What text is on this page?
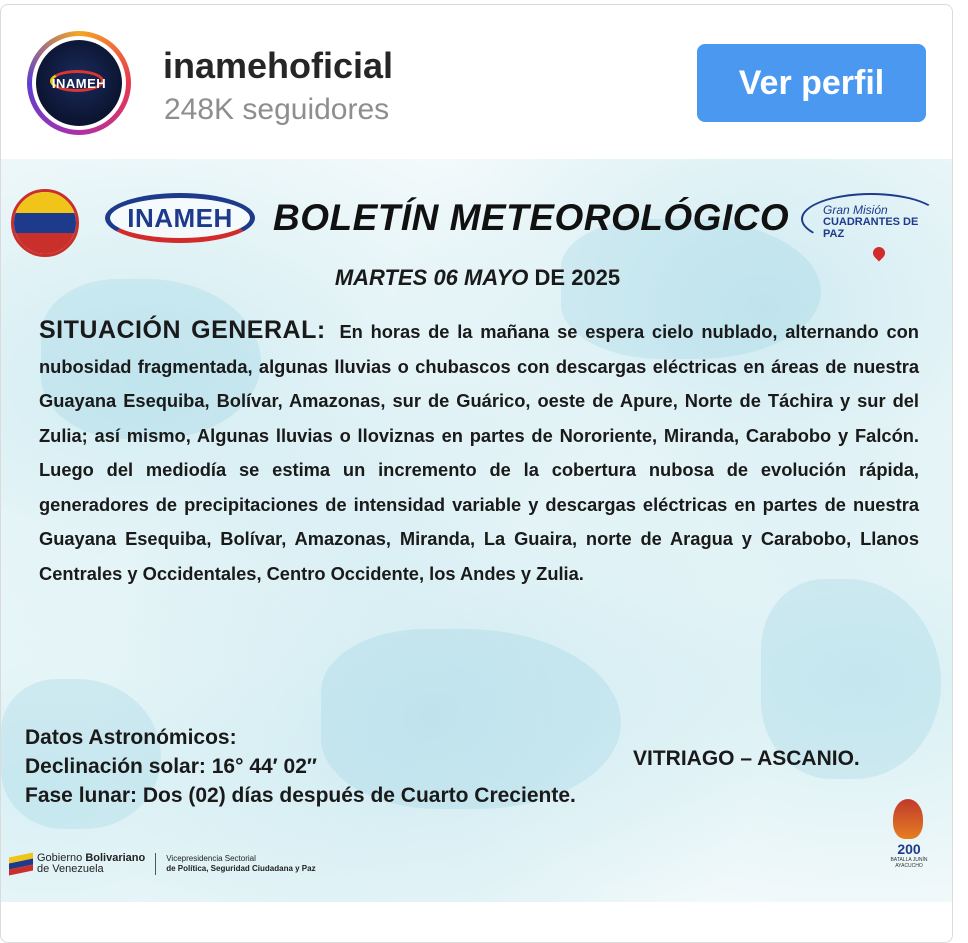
INAMEH inamehoficial
248K seguidores
Ver perfil
INAMEH BOLETÍN METEOROLÓGICO	Gran Misión
CUADRANTES DE PAZ
MARTES 06 MAYO DE 2025
SITUACIÓN GENERAL: En horas de la mañana se espera cielo nublado, alternando con nubosidad fragmentada, algunas lluvias o chubascos con descargas eléctricas en áreas de nuestra Guayana Esequiba, Bolívar, Amazonas, sur de Guárico, oeste de Apure, Norte de Táchira y sur del Zulia; así mismo, Algunas lluvias o lloviznas en partes de Nororiente, Miranda, Carabobo y Falcón. Luego del mediodía se estima un incremento de la cobertura nubosa de evolución rápida, generadores de precipitaciones de intensidad variable y descargas eléctricas en partes de nuestra Guayana Esequiba, Bolívar, Amazonas, Miranda, La Guaira, norte de Aragua y Carabobo, Llanos Centrales y Occidentales, Centro Occidente, los Andes y Zulia.
Datos Astronómicos:
Declinación solar: 16° 44′ 02″
Fase lunar: Dos (02) días después de Cuarto Creciente.
VITRIAGO – ASCANIO.
Gobierno Bolivariano
de Venezuela
Vicepresidencia Sectorial
de Política, Seguridad Ciudadana y Paz
200
BATALLA JUNÍN AYACUCHO
